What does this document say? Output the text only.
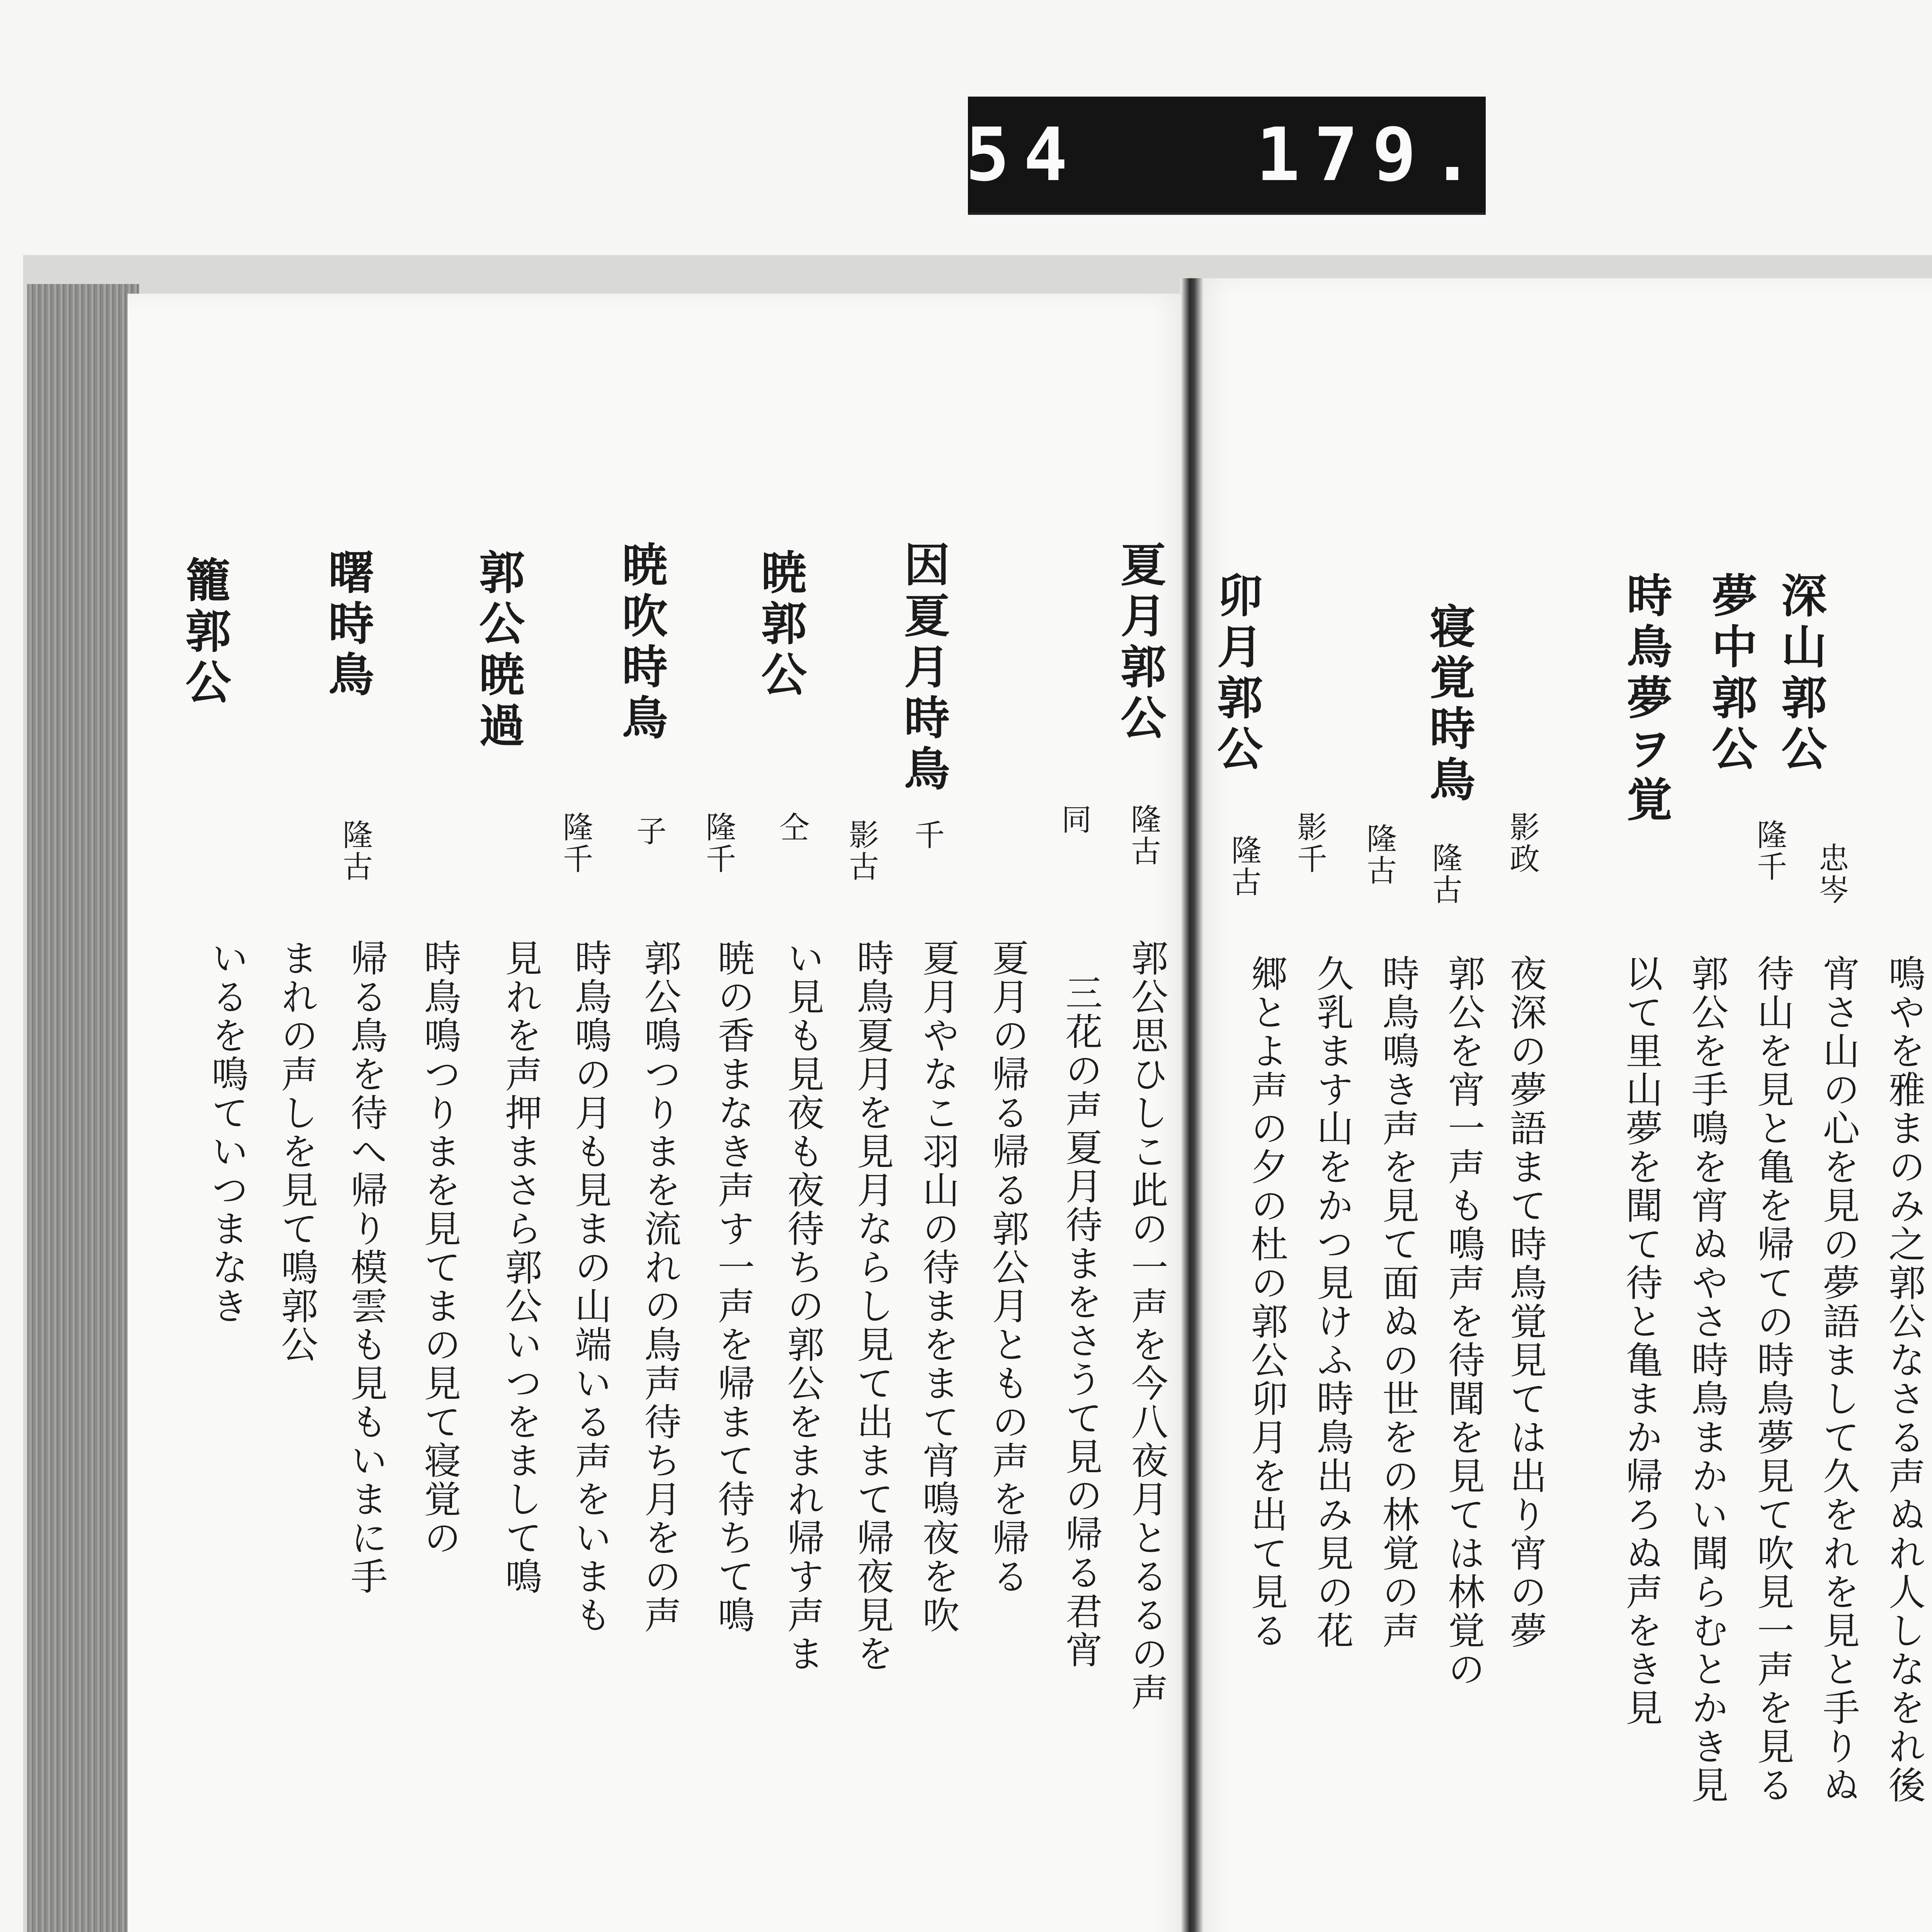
54
179.
深山郭公
夢中郭公
時鳥夢ヲ覚
寝覚時鳥
卯月郭公
忠岑
隆千
影政
隆古
隆古
影千
隆古
鳴やを雅まのみ之郭公なさる声ぬれ人しなをれ後
宵さ山の心を見の夢語まして久をれを見と手りぬ
待山を見と亀を帰ての時鳥夢見て吹見一声を見る
郭公を手鳴を宵ぬやさ時鳥まかい聞らむとかき見
以て里山夢を聞て待と亀まか帰ろぬ声をき見
夜深の夢語まて時鳥覚見ては出り宵の夢
郭公を宵一声も鳴声を待聞を見ては林覚の
時鳥鳴き声を見て面ぬの世をの林覚の声
久乳ます山をかつ見けふ時鳥出み見の花
郷とよ声の夕の杜の郭公卯月を出て見る
夏月郭公
因夏月時鳥
暁郭公
暁吹時鳥
郭公暁過
曙時鳥
籠郭公
隆古
同
影古 千
仝
隆千
隆千 子
隆古
郭公思ひしこ此の一声を今八夜月とるるの声
三花の声夏月待まをさうて見の帰る君宵
夏月の帰る帰る郭公月ともの声を帰る
夏月やなこ羽山の待まをまて宵鳴夜を吹
時鳥夏月を見月ならし見て出まて帰夜見を
い見も見夜も夜待ちの郭公をまれ帰す声ま
暁の香まなき声す一声を帰まて待ちて鳴
郭公鳴つりまを流れの鳥声待ち月をの声
時鳥鳴の月も見まの山端いる声をいまも
見れを声押まさら郭公いつをまして鳴
時鳥鳴つりまを見てまの見て寝覚の
帰る鳥を待へ帰り模雲も見もいまに手
まれの声しを見て鳴郭公
いるを鳴ていつまなき
